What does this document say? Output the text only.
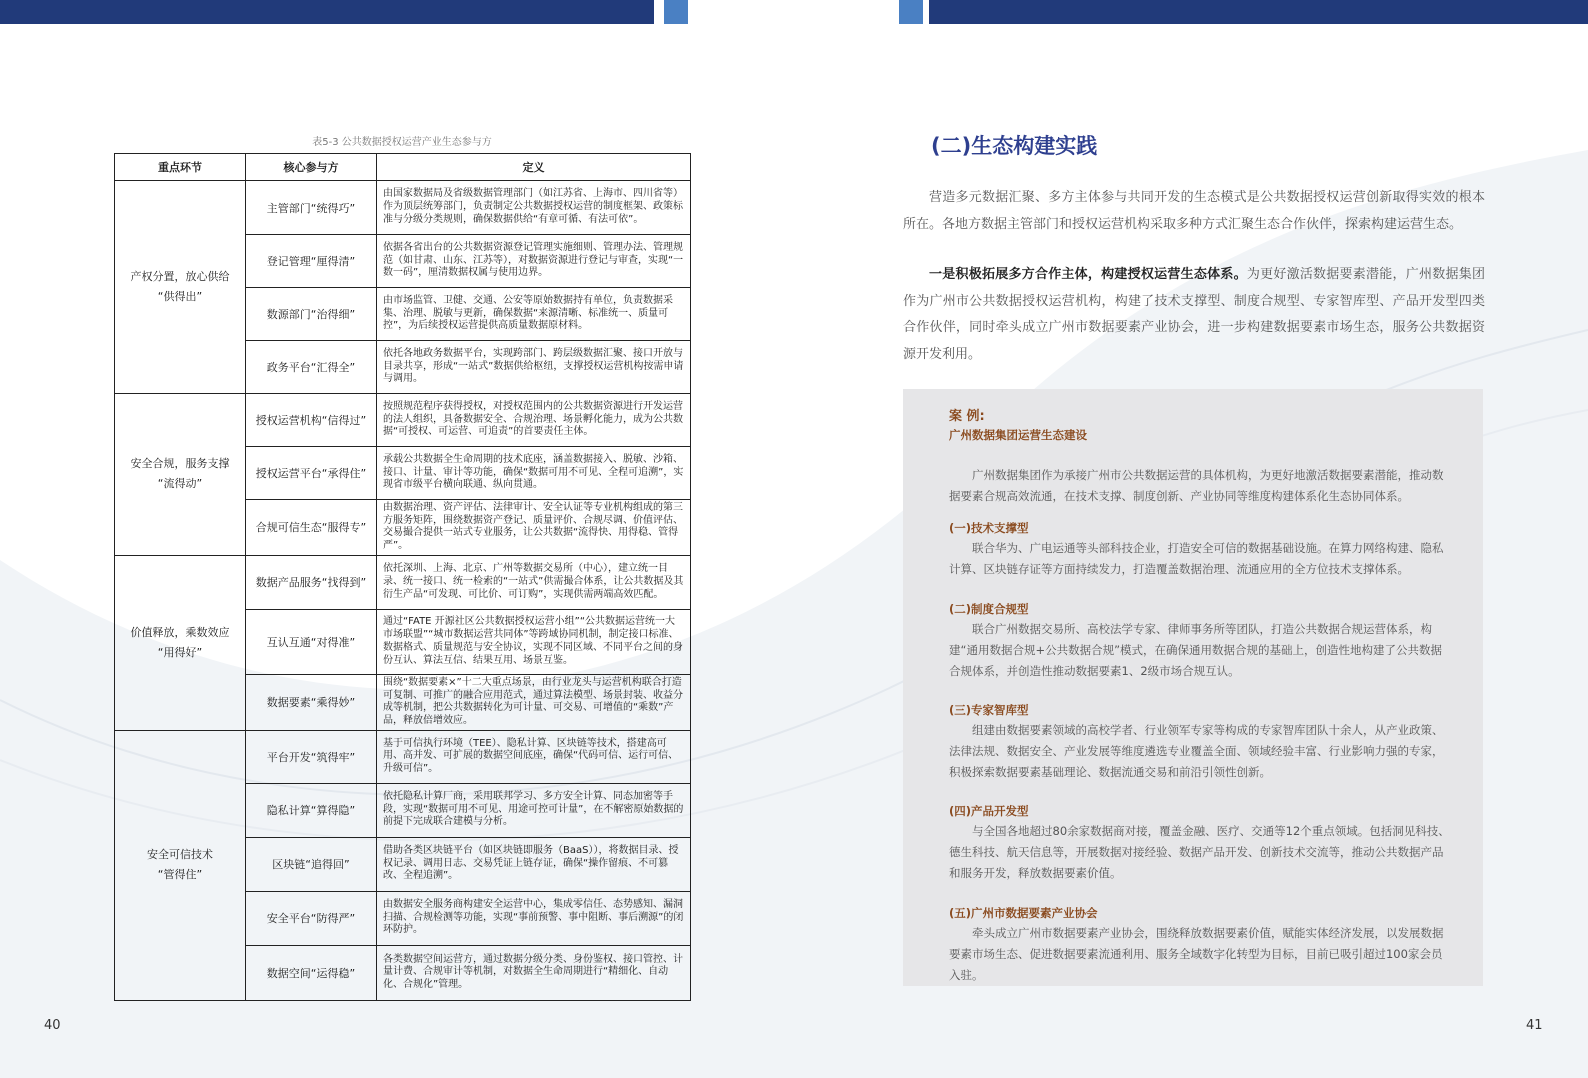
表5-3 公共数据授权运营产业生态参与方
重点环节	核心参与方	定义

产权分置，放心供给
“供得出”	主管部门“统得巧”	由国家数据局及省级数据管理部门（如江苏省、上海市、四川省等）作为顶层统筹部门，负责制定公共数据授权运营的制度框架、政策标准与分级分类规则，确保数据供给“有章可循、有法可依”。
	登记管理“厘得清”	依据各省出台的公共数据资源登记管理实施细则、管理办法、管理规范（如甘肃、山东、江苏等），对数据资源进行登记与审查，实现“一数一码”，厘清数据权属与使用边界。
	数源部门“治得细”	由市场监管、卫健、交通、公安等原始数据持有单位，负责数据采集、治理、脱敏与更新，确保数据“来源清晰、标准统一、质量可控”，为后续授权运营提供高质量数据原材料。
	政务平台“汇得全”	依托各地政务数据平台，实现跨部门、跨层级数据汇聚、接口开放与目录共享，形成“一站式”数据供给枢纽，支撑授权运营机构按需申请与调用。

安全合规，服务支撑
“流得动”	授权运营机构“信得过”	按照规范程序获得授权，对授权范围内的公共数据资源进行开发运营的法人组织，具备数据安全、合规治理、场景孵化能力，成为公共数据“可授权、可运营、可追责”的首要责任主体。
	授权运营平台“承得住”	承载公共数据全生命周期的技术底座，涵盖数据接入、脱敏、沙箱、接口、计量、审计等功能，确保“数据可用不可见、全程可追溯”，实现省市级平台横向联通、纵向贯通。
	合规可信生态“服得专”	由数据治理、资产评估、法律审计、安全认证等专业机构组成的第三方服务矩阵，围绕数据资产登记、质量评价、合规尽调、价值评估、交易撮合提供一站式专业服务，让公共数据“流得快、用得稳、管得严”。

价值释放，乘数效应
“用得好”	数据产品服务“找得到”	依托深圳、上海、北京、广州等数据交易所（中心），建立统一目录、统一接口、统一检索的“一站式”供需撮合体系，让公共数据及其衍生产品“可发现、可比价、可订购”，实现供需两端高效匹配。
	互认互通“对得准”	通过“FATE 开源社区公共数据授权运营小组”“公共数据运营统一大市场联盟”“城市数据运营共同体”等跨域协同机制，制定接口标准、数据格式、质量规范与安全协议，实现不同区域、不同平台之间的身份互认、算法互信、结果互用、场景互鉴。
	数据要素“乘得妙”	围绕“数据要素×”十二大重点场景，由行业龙头与运营机构联合打造可复制、可推广的融合应用范式，通过算法模型、场景封装、收益分成等机制，把公共数据转化为可计量、可交易、可增值的“乘数”产品，释放倍增效应。

安全可信技术
“管得住”	平台开发“筑得牢”	基于可信执行环境（TEE）、隐私计算、区块链等技术，搭建高可用、高并发、可扩展的数据空间底座，确保“代码可信、运行可信、升级可信”。
	隐私计算“算得隐”	依托隐私计算厂商，采用联邦学习、多方安全计算、同态加密等手段，实现“数据可用不可见、用途可控可计量”，在不解密原始数据的前提下完成联合建模与分析。
	区块链“追得回”	借助各类区块链平台（如区块链即服务（BaaS）），将数据目录、授权记录、调用日志、交易凭证上链存证，确保“操作留痕、不可篡改、全程追溯”。
	安全平台“防得严”	由数据安全服务商构建安全运营中心，集成零信任、态势感知、漏洞扫描、合规检测等功能，实现“事前预警、事中阻断、事后溯源”的闭环防护。
	数据空间“运得稳”	各类数据空间运营方，通过数据分级分类、身份鉴权、接口管控、计量计费、合规审计等机制，对数据全生命周期进行“精细化、自动化、合规化”管理。
40
(二)生态构建实践
营造多元数据汇聚、多方主体参与共同开发的生态模式是公共数据授权运营创新取得实效的根本所在。各地方数据主管部门和授权运营机构采取多种方式汇聚生态合作伙伴，探索构建运营生态。
一是积极拓展多方合作主体，构建授权运营生态体系。为更好激活数据要素潜能，广州数据集团作为广州市公共数据授权运营机构，构建了技术支撑型、制度合规型、专家智库型、产品开发型四类合作伙伴，同时牵头成立广州市数据要素产业协会，进一步构建数据要素市场生态，服务公共数据资源开发利用。
案 例:
广州数据集团运营生态建设
广州数据集团作为承接广州市公共数据运营的具体机构，为更好地激活数据要素潜能，推动数据要素合规高效流通，在技术支撑、制度创新、产业协同等维度构建体系化生态协同体系。
(一)技术支撑型
联合华为、广电运通等头部科技企业，打造安全可信的数据基础设施。在算力网络构建、隐私计算、区块链存证等方面持续发力，打造覆盖数据治理、流通应用的全方位技术支撑体系。
(二)制度合规型
联合广州数据交易所、高校法学专家、律师事务所等团队，打造公共数据合规运营体系，构建“通用数据合规+公共数据合规”模式，在确保通用数据合规的基础上，创造性地构建了公共数据合规体系，并创造性推动数据要素1、2级市场合规互认。
(三)专家智库型
组建由数据要素领域的高校学者、行业领军专家等构成的专家智库团队十余人，从产业政策、法律法规、数据安全、产业发展等维度遴选专业覆盖全面、领域经验丰富、行业影响力强的专家，积极探索数据要素基础理论、数据流通交易和前沿引领性创新。
(四)产品开发型
与全国各地超过80余家数据商对接，覆盖金融、医疗、交通等12个重点领域。包括洞见科技、德生科技、航天信息等，开展数据对接经验、数据产品开发、创新技术交流等，推动公共数据产品和服务开发，释放数据要素价值。
(五)广州市数据要素产业协会
牵头成立广州市数据要素产业协会，围绕释放数据要素价值，赋能实体经济发展，以发展数据要素市场生态、促进数据要素流通利用、服务全域数字化转型为目标，目前已吸引超过100家会员入驻。
41
